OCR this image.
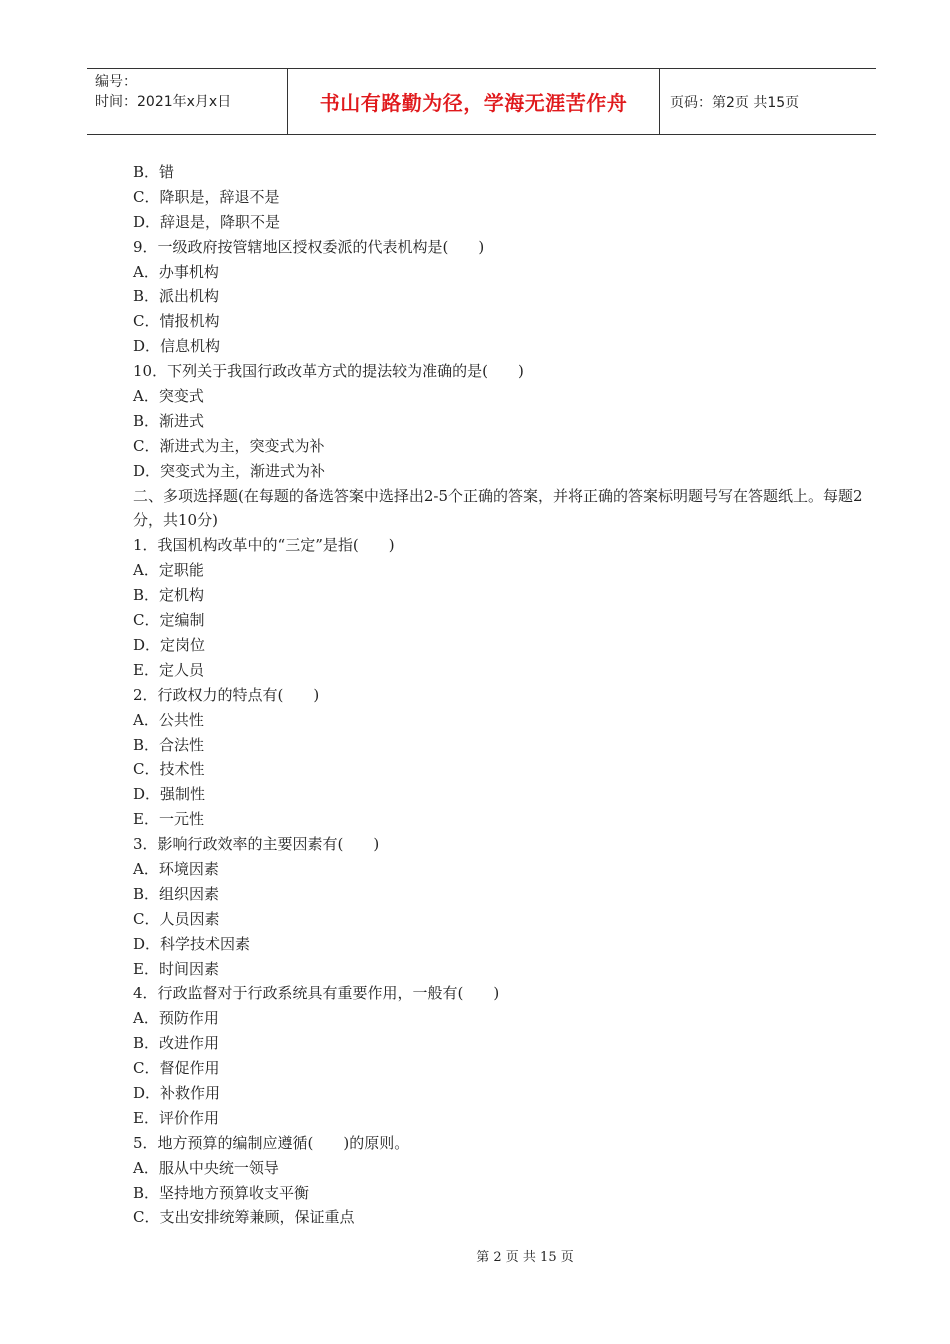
编号：
时间：2021年x月x日	书山有路勤为径，学海无涯苦作舟	页码：第2页 共15页
B．错
C．降职是，辞退不是
D．辞退是，降职不是
9．一级政府按管辖地区授权委派的代表机构是(　　)
A．办事机构
B．派出机构
C．情报机构
D．信息机构
10．下列关于我国行政改革方式的提法较为准确的是(　　)
A．突变式
B．渐进式
C．渐进式为主，突变式为补
D．突变式为主，渐进式为补
二、多项选择题(在每题的备选答案中选择出2-5个正确的答案，并将正确的答案标明题号写在答题纸上。每题2分，共10分)
1．我国机构改革中的“三定”是指(　　)
A．定职能
B．定机构
C．定编制
D．定岗位
E．定人员
2．行政权力的特点有(　　)
A．公共性
B．合法性
C．技术性
D．强制性
E．一元性
3．影响行政效率的主要因素有(　　)
A．环境因素
B．组织因素
C．人员因素
D．科学技术因素
E．时间因素
4．行政监督对于行政系统具有重要作用，一般有(　　)
A．预防作用
B．改进作用
C．督促作用
D．补救作用
E．评价作用
5．地方预算的编制应遵循(　　)的原则。
A．服从中央统一领导
B．坚持地方预算收支平衡
C．支出安排统筹兼顾，保证重点
第 2 页 共 15 页
